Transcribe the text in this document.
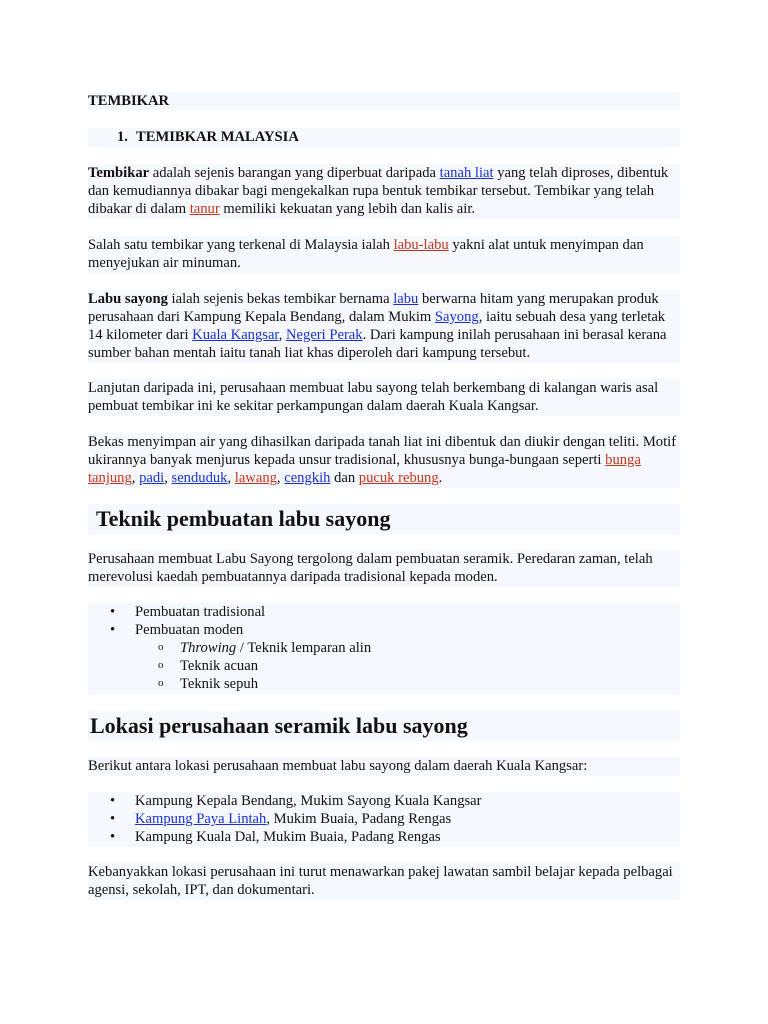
TEMBIKAR
1. TEMIBKAR MALAYSIA

Tembikar adalah sejenis barangan yang diperbuat daripada tanah liat yang telah diproses, dibentuk dan kemudiannya dibakar bagi mengekalkan rupa bentuk tembikar tersebut. Tembikar yang telah dibakar di dalam tanur memiliki kekuatan yang lebih dan kalis air.

Salah satu tembikar yang terkenal di Malaysia ialah labu-labu yakni alat untuk menyimpan dan menyejukan air minuman.

Labu sayong ialah sejenis bekas tembikar bernama labu berwarna hitam yang merupakan produk perusahaan dari Kampung Kepala Bendang, dalam Mukim Sayong, iaitu sebuah desa yang terletak 14 kilometer dari Kuala Kangsar, Negeri Perak. Dari kampung inilah perusahaan ini berasal kerana sumber bahan mentah iaitu tanah liat khas diperoleh dari kampung tersebut.

Lanjutan daripada ini, perusahaan membuat labu sayong telah berkembang di kalangan waris asal pembuat tembikar ini ke sekitar perkampungan dalam daerah Kuala Kangsar.

Bekas menyimpan air yang dihasilkan daripada tanah liat ini dibentuk dan diukir dengan teliti. Motif ukirannya banyak menjurus kepada unsur tradisional, khususnya bunga-bungaan seperti bunga tanjung, padi, senduduk, lawang, cengkih dan pucuk rebung.

Teknik pembuatan labu sayong

Perusahaan membuat Labu Sayong tergolong dalam pembuatan seramik. Peredaran zaman, telah merevolusi kaedah pembuatannya daripada tradisional kepada moden.

• Pembuatan tradisional
• Pembuatan moden
o Throwing / Teknik lemparan alin
o Teknik acuan
o Teknik sepuh
Lokasi perusahaan seramik labu sayong

Berikut antara lokasi perusahaan membuat labu sayong dalam daerah Kuala Kangsar:

• Kampung Kepala Bendang, Mukim Sayong Kuala Kangsar
• Kampung Paya Lintah, Mukim Buaia, Padang Rengas
• Kampung Kuala Dal, Mukim Buaia, Padang Rengas

Kebanyakkan lokasi perusahaan ini turut menawarkan pakej lawatan sambil belajar kepada pelbagai agensi, sekolah, IPT, dan dokumentari.
